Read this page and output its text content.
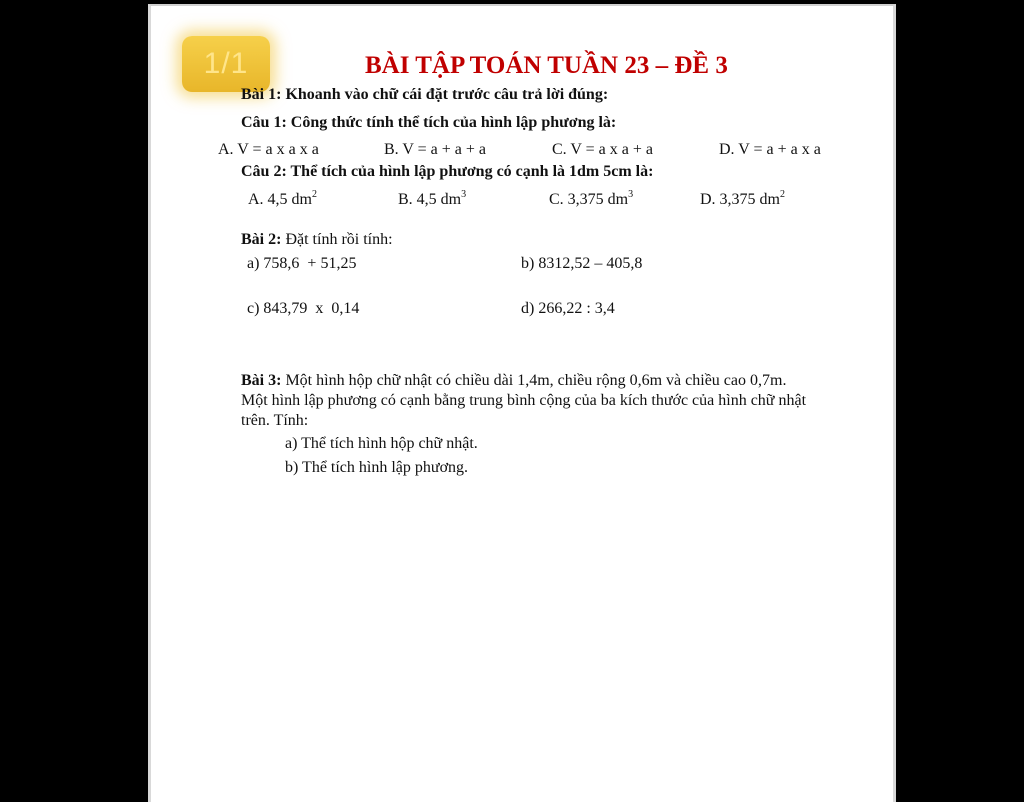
1/1	BÀI TẬP TOÁN TUẦN 23 – ĐỀ 3
Bài 1: Khoanh vào chữ cái đặt trước câu trả lời đúng:
Câu 1: Công thức tính thể tích của hình lập phương là:
A. V = a x a x a	B. V = a + a + a	C. V = a x a + a	D. V = a + a x a
Câu 2: Thể tích của hình lập phương có cạnh là 1dm 5cm là:
A. 4,5 $dm^2$	B. 4,5 $dm^3$	C. 3,375 $dm^3$	D. 3,375 $dm^2$
Bài 2: Đặt tính rồi tính:
a) 758,6  + 51,25	b) 8312,52 – 405,8
c) 843,79  x  0,14	d) 266,22 : 3,4
Bài 3: Một hình hộp chữ nhật có chiều dài 1,4m, chiều rộng 0,6m và chiều cao 0,7m.
Một hình lập phương có cạnh bằng trung bình cộng của ba kích thước của hình chữ nhật
trên. Tính:
a) Thể tích hình hộp chữ nhật.
b) Thể tích hình lập phương.
